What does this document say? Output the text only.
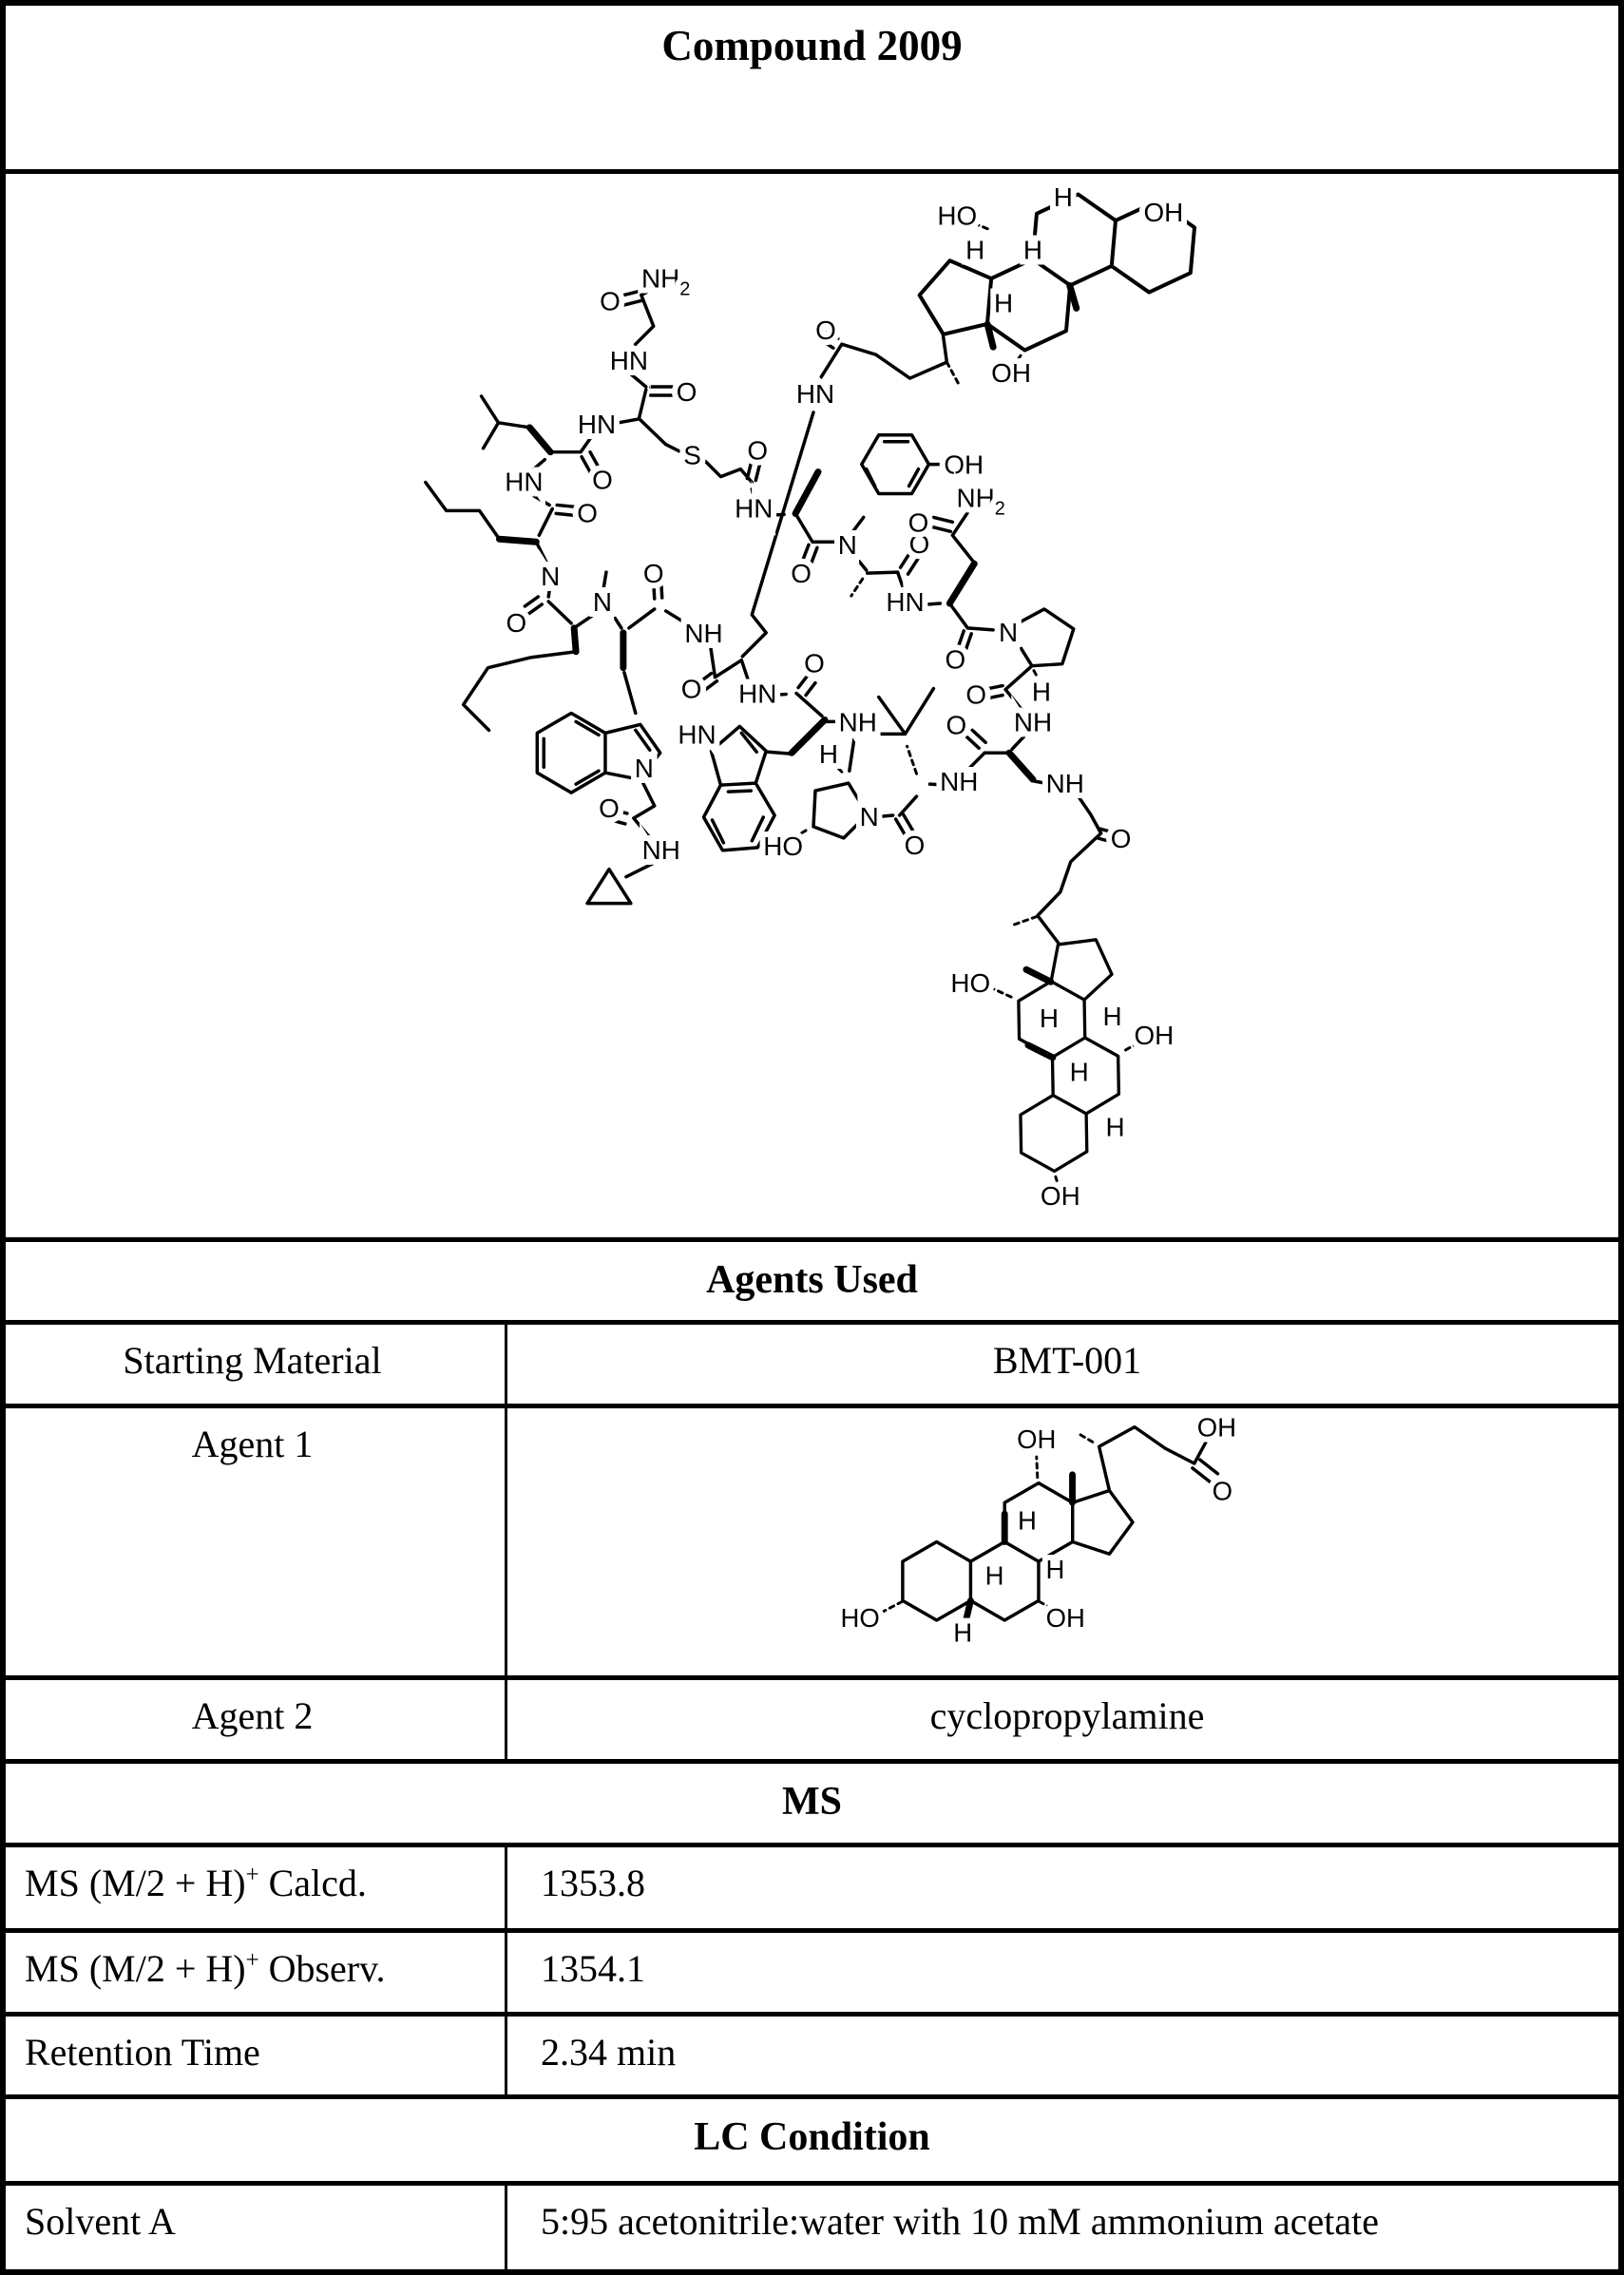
Compound 2009
$NH_2$
O
HN
O
HN
S O
HN
OH
HN O
O
N
O
N
O
NH
O
O
HN
N
O
NH
HN	NH
H
N
HO	O
NH
O NH
O H
N
O
HN
O
$NH_2$
O
N
O
NH
O
HO
H
OH
H H
H
OH
O
HN
HO
OH
OH
H H
H
H
Agents Used
Starting Material	BMT-001
Agent 1	OH	OH
O
HO	OH
H
H H
H
Agent 2	cyclopropylamine
MS
MS (M/2 + H)+ Calcd.	1353.8
MS (M/2 + H)+ Observ.	1354.1
Retention Time	2.34 min
LC Condition
Solvent A	5:95 acetonitrile:water with 10 mM ammonium acetate
